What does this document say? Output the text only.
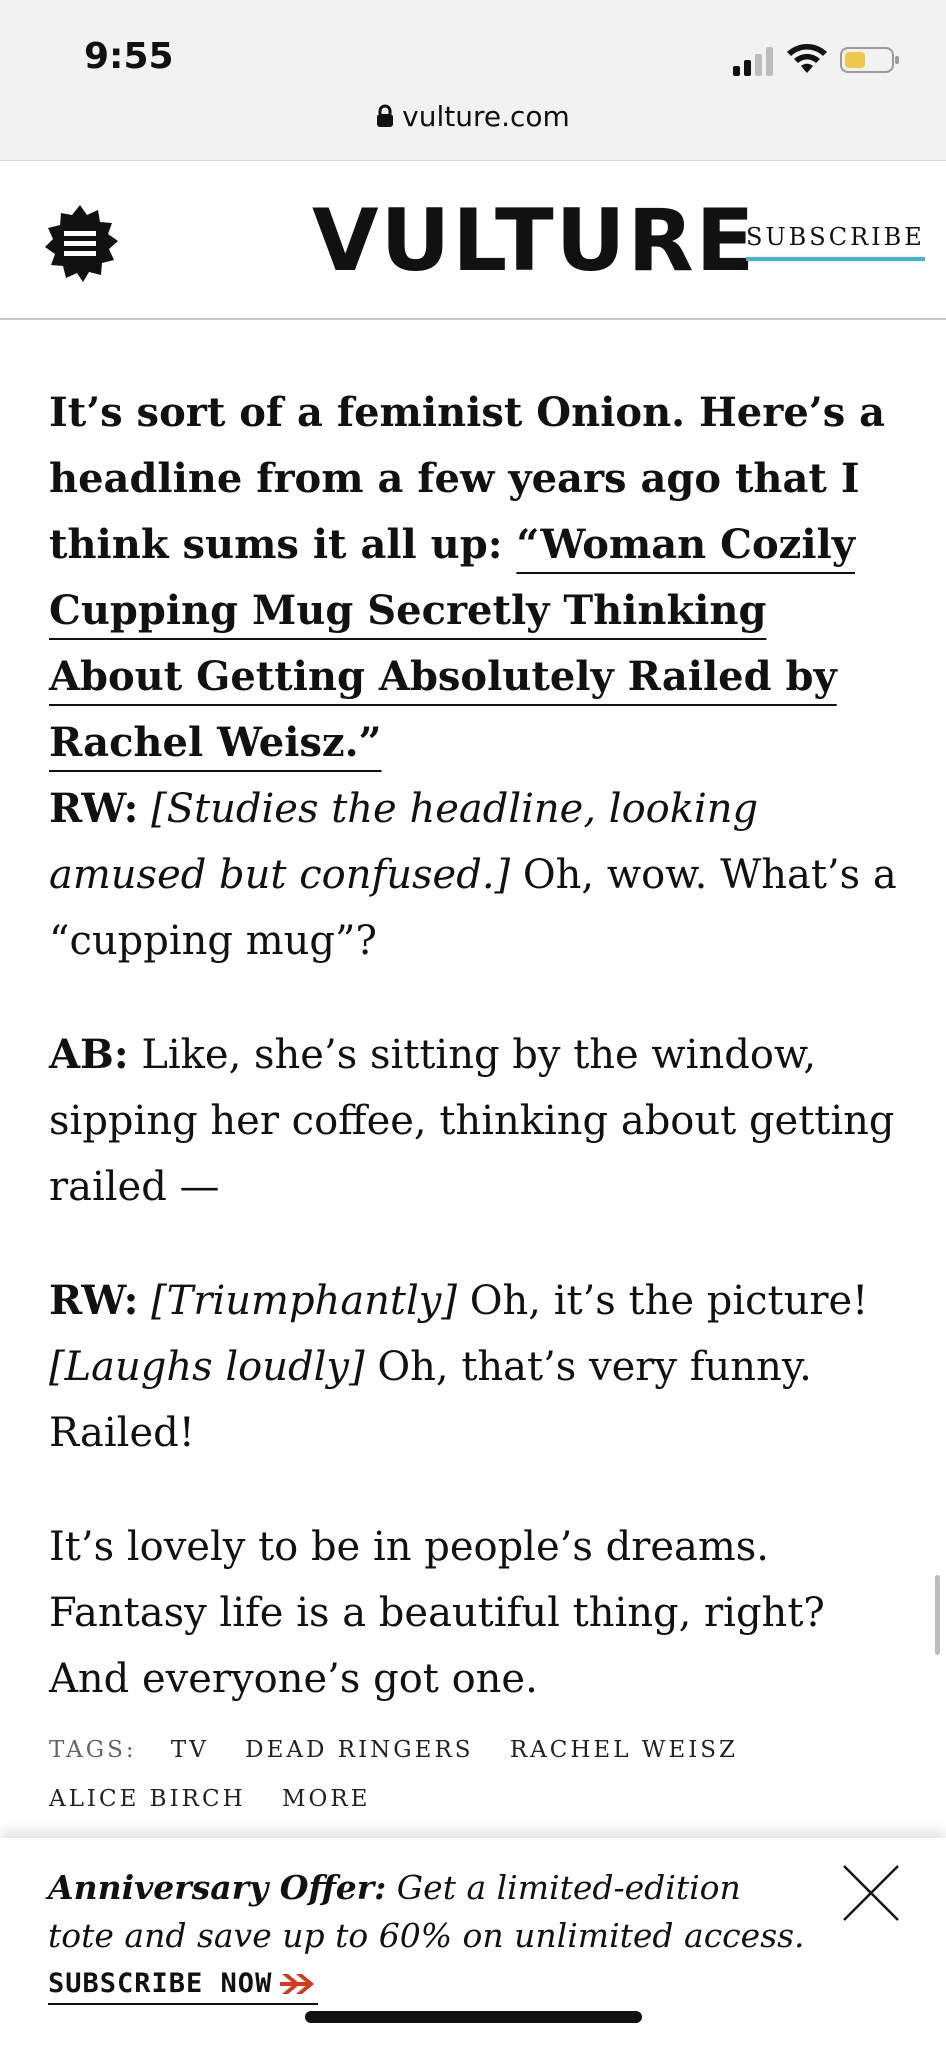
9:55
vulture.com
VULTURE
SUBSCRIBE

It’s sort of a feminist Onion. Here’s a headline from a few years ago that I think sums it all up: “Woman Cozily Cupping Mug Secretly Thinking About Getting Absolutely Railed by Rachel Weisz.”
RW: [Studies the headline, looking amused but confused.] Oh, wow. What’s a “cupping mug”?

AB: Like, she’s sitting by the window, sipping her coffee, thinking about getting railed —

RW: [Triumphantly] Oh, it’s the picture!
[Laughs loudly] Oh, that’s very funny. Railed!

It’s lovely to be in people’s dreams. Fantasy life is a beautiful thing, right? And everyone’s got one.

TAGS: TV DEAD RINGERS RACHEL WEISZ
ALICE BIRCH MORE
Anniversary Offer: Get a limited-edition tote and save up to 60% on unlimited access.
SUBSCRIBE NOW
